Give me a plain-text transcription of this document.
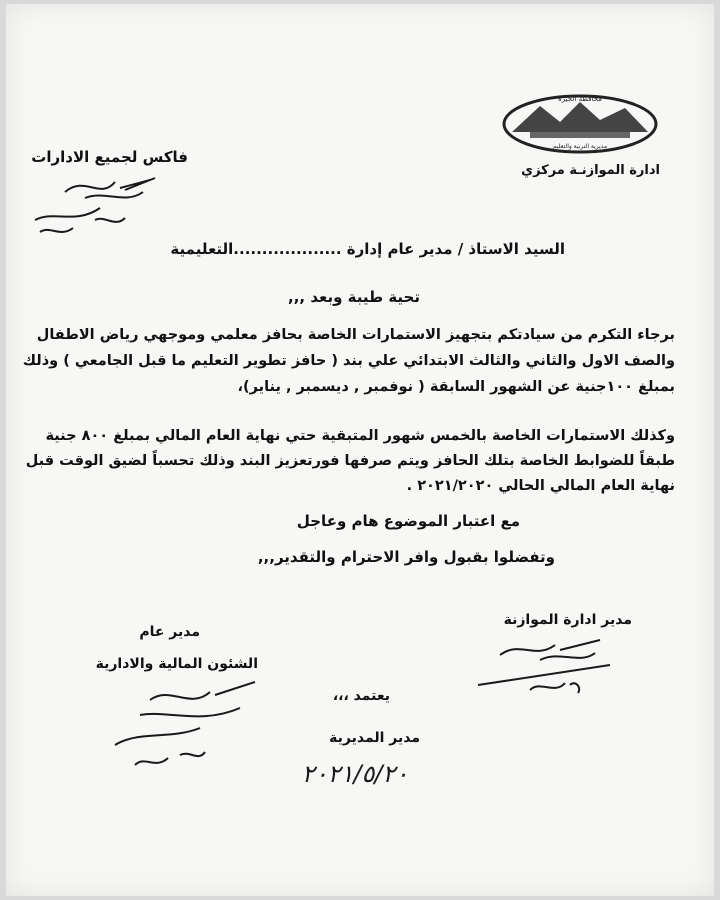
محافظة الجيزة
مديرية التربية والتعليم
ادارة الموازنـة مركزي
فاكس لجميع الادارات
السيد الاستاذ / مدير عام إدارة ...................التعليمية
تحية طيبة وبعد ,,,

برجاء التكرم من سيادتكم بتجهيز الاستمارات الخاصة بحافز معلمي وموجهي رياض الاطفال

والصف الاول والثاني والثالث الابتدائي علي بند ( حافز تطوير التعليم ما قبل الجامعي ) وذلك

بمبلغ ١٠٠جنية عن الشهور السابقة ( نوفمبر , ديسمبر , يناير)،

وكذلك الاستمارات الخاصة بالخمس شهور المتبقية حتي نهاية العام المالي بمبلغ ٨٠٠ جنية

طبقاً للضوابط الخاصة بتلك الحافز ويتم صرفها فورتعزيز البند وذلك تحسباً لضيق الوقت قبل

نهاية العام المالي الحالي ٢٠٢١/٢٠٢٠ .

مع اعتبار الموضوع هام وعاجل
وتفضلوا بقبول وافر الاحترام والتقدير,,,
مدير ادارة الموازنة
مدير عام
الشئون المالية والادارية
يعتمد ،،،
مدير المديرية
٢٠٢١/٥/٢٠
